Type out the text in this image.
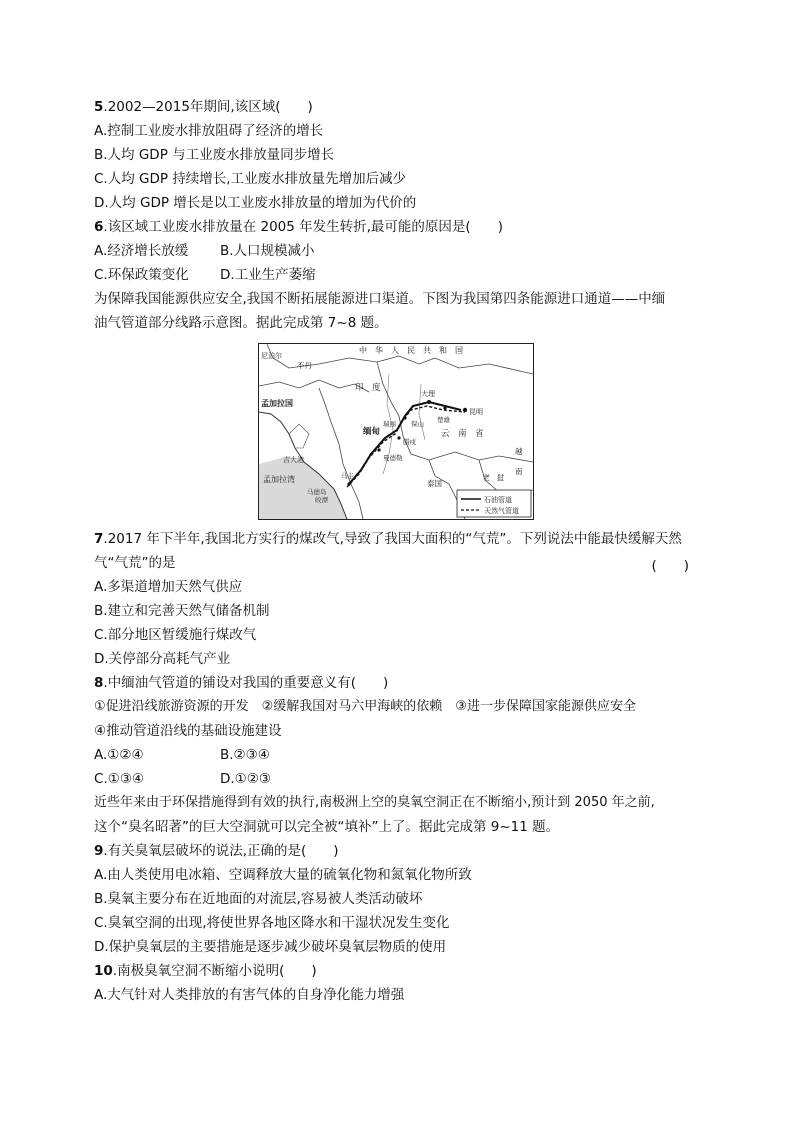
5.2002—2015年期间,该区域(　　)
A.控制工业废水排放阻碍了经济的增长
B.人均 GDP 与工业废水排放量同步增长
C.人均 GDP 持续增长,工业废水排放量先增加后减少
D.人均 GDP 增长是以工业废水排放量的增加为代价的
6.该区域工业废水排放量在 2005 年发生转折,最可能的原因是(　　)
A.经济增长放缓 B.人口规模减小
C.环保政策变化 D.工业生产萎缩
为保障我国能源供应安全,我国不断拓展能源进口渠道。下图为我国第四条能源进口通道——中缅
油气管道部分线路示意图。据此完成第 7~8 题。
中　华　人　民　共　和　国
不丹
尼泊尔
印　度
孟加拉国
缅甸	云　南　省
大理
昆明
楚雄
瑞丽 保山
腊戍
曼德勒
吉大港
孟加拉湾
马德岛
皎漂
马圭
泰国
老　挝
越
南
石油管道
天然气管道
7.2017 年下半年,我国北方实行的煤改气,导致了我国大面积的“气荒”。下列说法中能最快缓解天然
气“气荒”的是	(　　)
A.多渠道增加天然气供应
B.建立和完善天然气储备机制
C.部分地区暂缓施行煤改气
D.关停部分高耗气产业
8.中缅油气管道的铺设对我国的重要意义有(　　)
①促进沿线旅游资源的开发　②缓解我国对马六甲海峡的依赖　③进一步保障国家能源供应安全
④推动管道沿线的基础设施建设
A.①②④	B.②③④
C.①③④	D.①②③
近些年来由于环保措施得到有效的执行,南极洲上空的臭氧空洞正在不断缩小,预计到 2050 年之前,
这个“臭名昭著”的巨大空洞就可以完全被“填补”上了。据此完成第 9~11 题。
9.有关臭氧层破坏的说法,正确的是(　　)
A.由人类使用电冰箱、空调释放大量的硫氧化物和氮氧化物所致
B.臭氧主要分布在近地面的对流层,容易被人类活动破坏
C.臭氧空洞的出现,将使世界各地区降水和干湿状况发生变化
D.保护臭氧层的主要措施是逐步减少破坏臭氧层物质的使用
10.南极臭氧空洞不断缩小说明(　　)
A.大气针对人类排放的有害气体的自身净化能力增强
